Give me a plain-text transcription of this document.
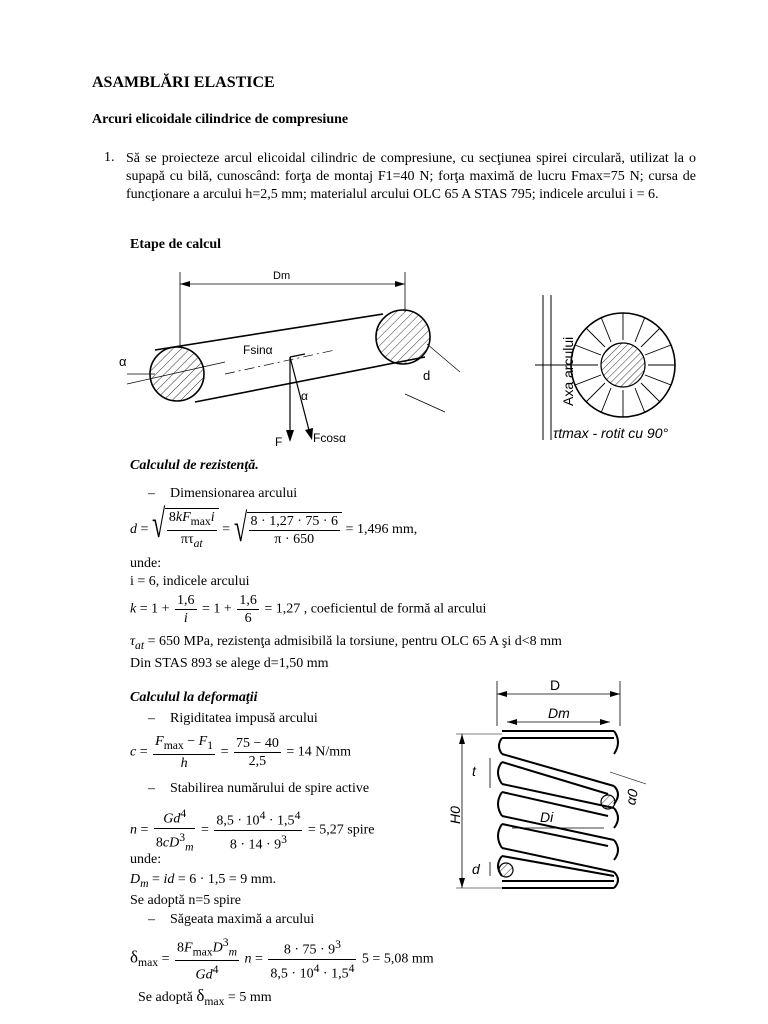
ASAMBLĂRI ELASTICE
Arcuri elicoidale cilindrice de compresiune
1. Să se proiecteze arcul elicoidal cilindric de compresiune, cu secţiunea spirei circulară, utilizat la o supapă cu bilă, cunoscând: forţa de montaj F1=40 N; forţa maximă de lucru Fmax=75 N; cursa de funcţionare a arcului h=2,5 mm; materialul arcului OLC 65 A STAS 795; indicele arcului i = 6.
Etape de calcul
Dm
α
d
Fsinα
α
F	Fcosα
Axa arcului
τtmax - rotit cu 90°
Calculul de rezistenţă.
– Dimensionarea arcului
d = √ $\frac{8kF_{max}i}{\pi\tau_{at}}$ = √ $\frac{8 \cdot 1,27 \cdot 75 \cdot 6}{\pi \cdot 650} = 1,496$ mm,
unde:
i = 6, indicele arcului
$k = 1 + \frac{1,6}{i} = 1 + \frac{1,6}{6} = 1,27$ , coeficientul de formă al arcului
$\tau_{at} = 650$ MPa, rezistenţa admisibilă la torsiune, pentru OLC 65 A şi d<8 mm
Din STAS 893 se alege d=1,50 mm
Calculul la deformaţii
– Rigiditatea impusă arcului
$c = \frac{F_{max} - F_1}{h} = \frac{75 - 40}{2,5} = 14$ N/mm
– Stabilirea numărului de spire active
$n = \frac{Gd^4}{8cD^3_m} = \frac{8,5 \cdot 10^4 \cdot 1,5^4}{8 \cdot 14 \cdot 9^3} = 5,27$ spire
unde:
$D_m$ = id = 6 · 1,5 = 9 mm.
Se adoptă n=5 spire
– Săgeata maximă a arcului
$\delta_{max} = \frac{8F_{max}D^3_m}{Gd^4}$ $n = \frac{8 \cdot 75 \cdot 9^3}{8,5 \cdot 10^4 \cdot 1,5^4} 5 = 5,08$ mm
Se adoptă $\delta_{max} = 5$ mm
D
Dm
H0
t
d
Di
α0
